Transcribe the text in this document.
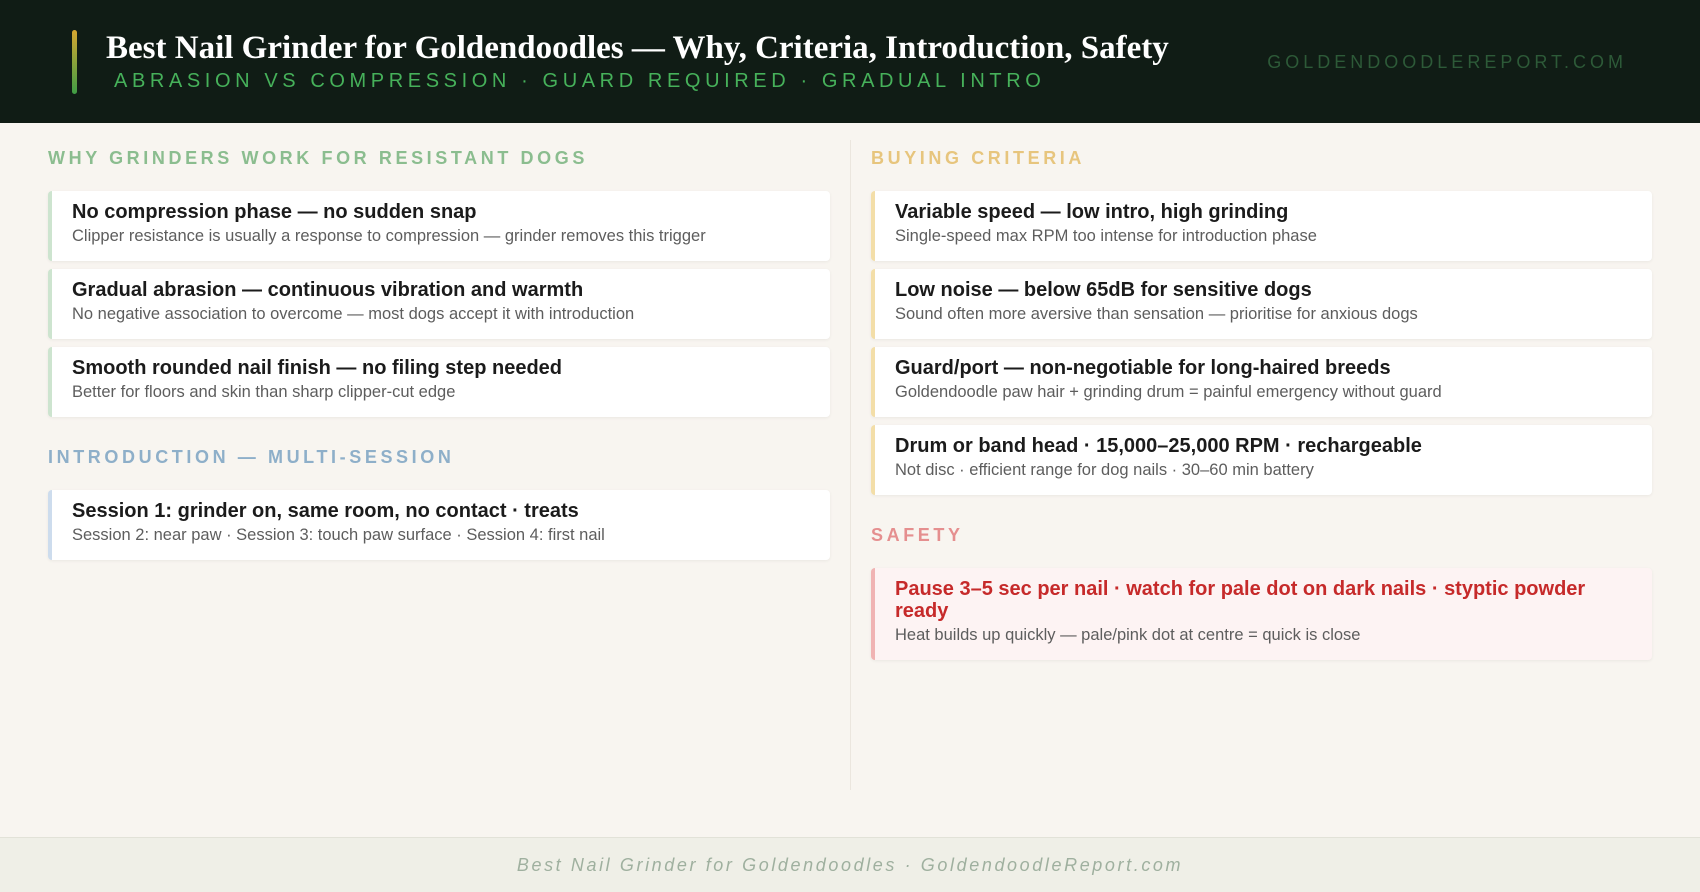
Best Nail Grinder for Goldendoodles — Why, Criteria, Introduction, Safety
ABRASION VS COMPRESSION · GUARD REQUIRED · GRADUAL INTRO
GOLDENDOODLEREPORT.COM
WHY GRINDERS WORK FOR RESISTANT DOGS
No compression phase — no sudden snap
Clipper resistance is usually a response to compression — grinder removes this trigger
Gradual abrasion — continuous vibration and warmth
No negative association to overcome — most dogs accept it with introduction
Smooth rounded nail finish — no filing step needed
Better for floors and skin than sharp clipper-cut edge
INTRODUCTION — MULTI-SESSION
Session 1: grinder on, same room, no contact · treats
Session 2: near paw · Session 3: touch paw surface · Session 4: first nail
BUYING CRITERIA
Variable speed — low intro, high grinding
Single-speed max RPM too intense for introduction phase
Low noise — below 65dB for sensitive dogs
Sound often more aversive than sensation — prioritise for anxious dogs
Guard/port — non-negotiable for long-haired breeds
Goldendoodle paw hair + grinding drum = painful emergency without guard
Drum or band head · 15,000–25,000 RPM · rechargeable
Not disc · efficient range for dog nails · 30–60 min battery
SAFETY
Pause 3–5 sec per nail · watch for pale dot on dark nails · styptic powder ready
Heat builds up quickly — pale/pink dot at centre = quick is close
Best Nail Grinder for Goldendoodles · GoldendoodleReport.com
